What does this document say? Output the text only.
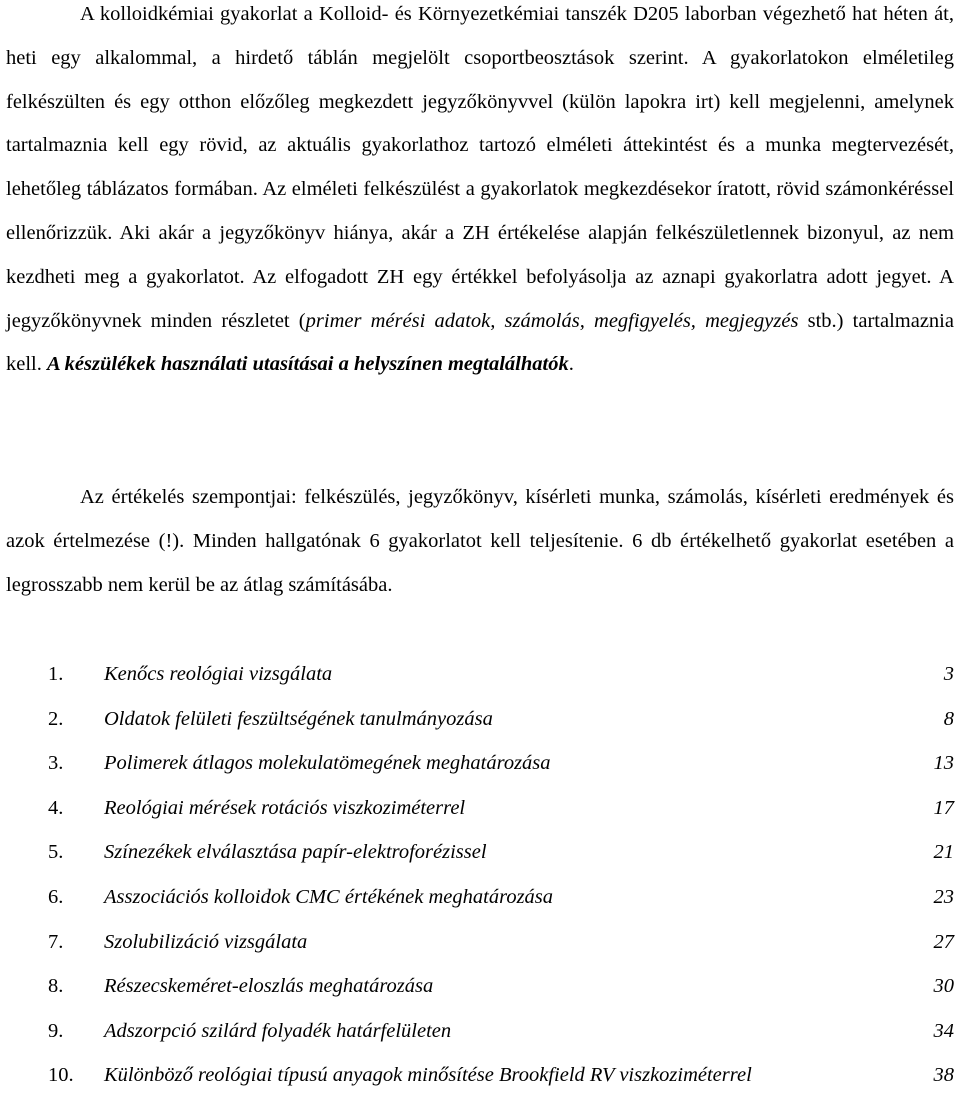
A kolloidkémiai gyakorlat a Kolloid- és Környezetkémiai tanszék D205 laborban végezhető hat héten át, heti egy alkalommal, a hirdető táblán megjelölt csoportbeosztások szerint. A gyakorlatokon elméletileg felkészülten és egy otthon előzőleg megkezdett jegyzőkönyvvel (külön lapokra irt) kell megjelenni, amelynek tartalmaznia kell egy rövid, az aktuális gyakorlathoz tartozó elméleti áttekintést és a munka megtervezését, lehetőleg táblázatos formában. Az elméleti felkészülést a gyakorlatok megkezdésekor íratott, rövid számonkéréssel ellenőrizzük. Aki akár a jegyzőkönyv hiánya, akár a ZH értékelése alapján felkészületlennek bizonyul, az nem kezdheti meg a gyakorlatot. Az elfogadott ZH egy értékkel befolyásolja az aznapi gyakorlatra adott jegyet. A jegyzőkönyvnek minden részletet (primer mérési adatok, számolás, megfigyelés, megjegyzés stb.) tartalmaznia kell. A készülékek használati utasításai a helyszínen megtalálhatók.

Az értékelés szempontjai: felkészülés, jegyzőkönyv, kísérleti munka, számolás, kísérleti eredmények és azok értelmezése (!). Minden hallgatónak 6 gyakorlatot kell teljesítenie. 6 db értékelhető gyakorlat esetében a legrosszabb nem kerül be az átlag számításába.

1. Kenőcs reológiai vizsgálata	3
2. Oldatok felületi feszültségének tanulmányozása	8
3. Polimerek átlagos molekulatömegének meghatározása	13
4. Reológiai mérések rotációs viszkoziméterrel	17
5. Színezékek elválasztása papír-elektroforézissel	21
6. Asszociációs kolloidok CMC értékének meghatározása	23
7. Szolubilizáció vizsgálata	27
8. Részecskeméret-eloszlás meghatározása	30
9. Adszorpció szilárd folyadék határfelületen	34
10. Különböző reológiai típusú anyagok minősítése Brookfield RV viszkoziméterrel	38
